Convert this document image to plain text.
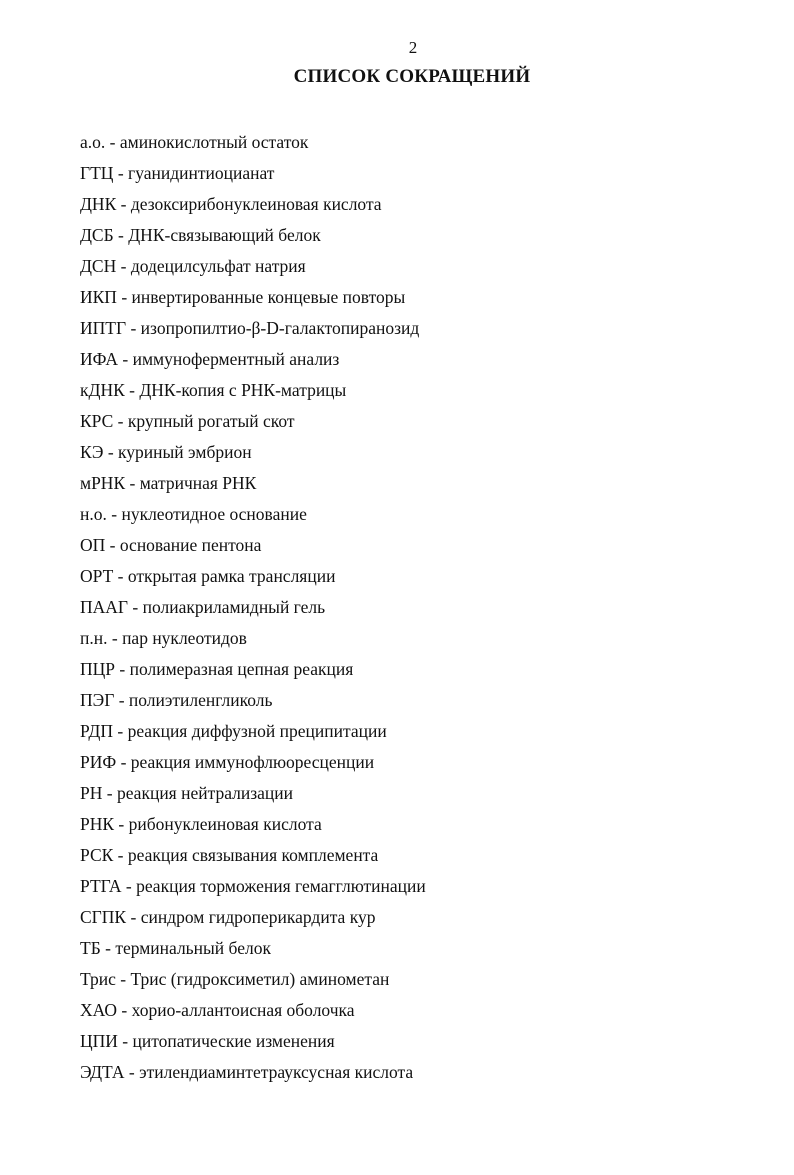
2
СПИСОК СОКРАЩЕНИЙ
а.о. - аминокислотный остаток
ГТЦ - гуанидинтиоцианат
ДНК - дезоксирибонуклеиновая кислота
ДСБ - ДНК-связывающий белок
ДСН - додецилсульфат натрия
ИКП - инвертированные концевые повторы
ИПТГ - изопропилтио-β-D-галактопиранозид
ИФА - иммуноферментный анализ
кДНК - ДНК-копия с РНК-матрицы
КРС - крупный рогатый скот
КЭ - куриный эмбрион
мРНК - матричная РНК
н.о. - нуклеотидное основание
ОП - основание пентона
ОРТ - открытая рамка трансляции
ПААГ - полиакриламидный гель
п.н. - пар нуклеотидов
ПЦР - полимеразная цепная реакция
ПЭГ - полиэтиленгликоль
РДП - реакция диффузной преципитации
РИФ - реакция иммунофлюоресценции
РН - реакция нейтрализации
РНК - рибонуклеиновая кислота
РСК - реакция связывания комплемента
РТГА - реакция торможения гемагглютинации
СГПК - синдром гидроперикардита кур
ТБ - терминальный белок
Трис - Трис (гидроксиметил) аминометан
ХАО - хорио-аллантоисная оболочка
ЦПИ - цитопатические изменения
ЭДТА - этилендиаминтетрауксусная кислота
